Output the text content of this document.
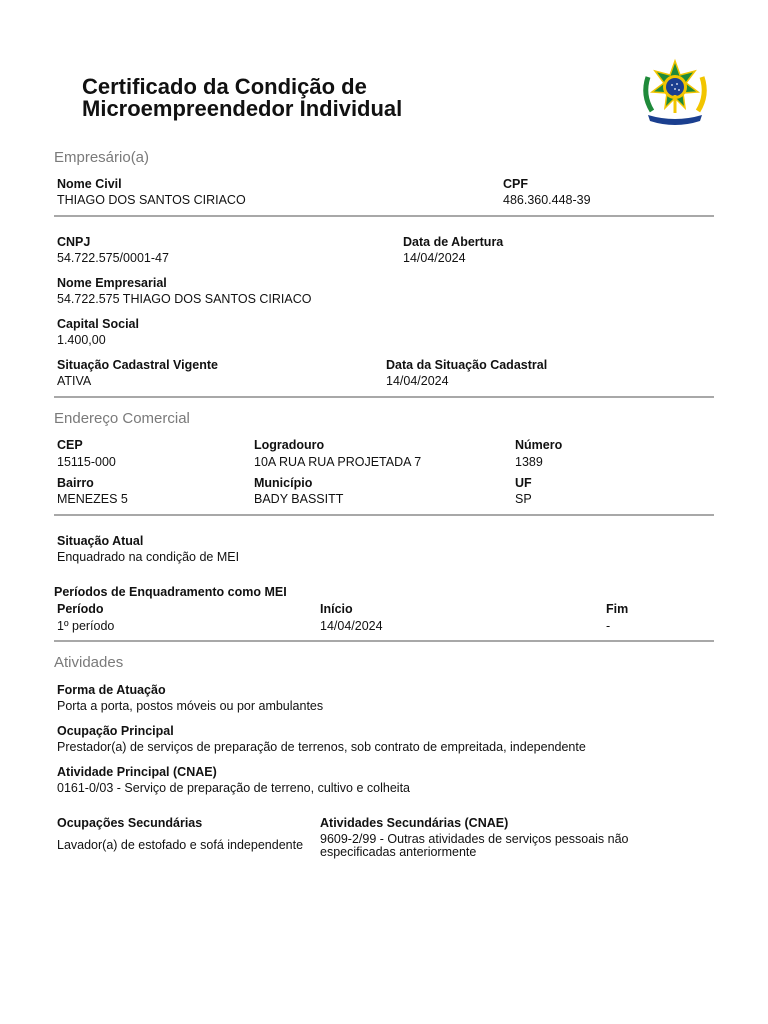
Certificado da Condição de
Microempreendedor Individual
Empresário(a)
Nome Civil
THIAGO DOS SANTOS CIRIACO
CPF
486.360.448-39
CNPJ
54.722.575/0001-47
Data de Abertura
14/04/2024
Nome Empresarial
54.722.575 THIAGO DOS SANTOS CIRIACO
Capital Social
1.400,00
Situação Cadastral Vigente
ATIVA
Data da Situação Cadastral
14/04/2024
Endereço Comercial
CEP
15115-000
Logradouro
10A RUA RUA PROJETADA 7
Número
1389
Bairro
MENEZES 5
Município
BADY BASSITT
UF
SP
Situação Atual
Enquadrado na condição de MEI
Períodos de Enquadramento como MEI
Período	Início	Fim
1º período	14/04/2024	-
Atividades
Forma de Atuação
Porta a porta, postos móveis ou por ambulantes
Ocupação Principal
Prestador(a) de serviços de preparação de terrenos, sob contrato de empreitada, independente
Atividade Principal (CNAE)
0161-0/03 - Serviço de preparação de terreno, cultivo e colheita
Ocupações Secundárias
Lavador(a) de estofado e sofá independente
Atividades Secundárias (CNAE)
9609-2/99 - Outras atividades de serviços pessoais não especificadas anteriormente
